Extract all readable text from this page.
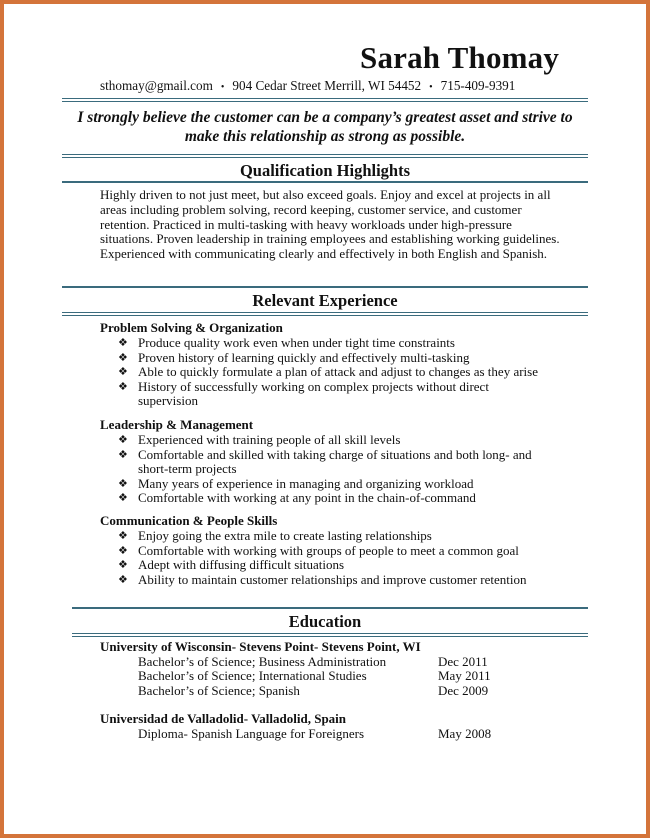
Sarah Thomay
sthomay@gmail.com • 904 Cedar Street Merrill, WI 54452 • 715-409-9391
I strongly believe the customer can be a company’s greatest asset and strive to make this relationship as strong as possible.
Qualification Highlights
Highly driven to not just meet, but also exceed goals. Enjoy and excel at projects in all areas including problem solving, record keeping, customer service, and customer retention. Practiced in multi-tasking with heavy workloads under high-pressure situations. Proven leadership in training employees and establishing working guidelines. Experienced with communicating clearly and effectively in both English and Spanish.
Relevant Experience
Problem Solving & Organization
❖ Produce quality work even when under tight time constraints
❖ Proven history of learning quickly and effectively multi-tasking
❖ Able to quickly formulate a plan of attack and adjust to changes as they arise
❖ History of successfully working on complex projects without direct supervision
Leadership & Management
❖ Experienced with training people of all skill levels
❖ Comfortable and skilled with taking charge of situations and both long- and short-term projects
❖ Many years of experience in managing and organizing workload
❖ Comfortable with working at any point in the chain-of-command
Communication & People Skills
❖ Enjoy going the extra mile to create lasting relationships
❖ Comfortable with working with groups of people to meet a common goal
❖ Adept with diffusing difficult situations
❖ Ability to maintain customer relationships and improve customer retention
Education
University of Wisconsin- Stevens Point- Stevens Point, WI
Bachelor’s of Science; Business Administration	Dec 2011
Bachelor’s of Science; International Studies	May 2011
Bachelor’s of Science; Spanish	Dec 2009
Universidad de Valladolid- Valladolid, Spain
Diploma- Spanish Language for Foreigners	May 2008
